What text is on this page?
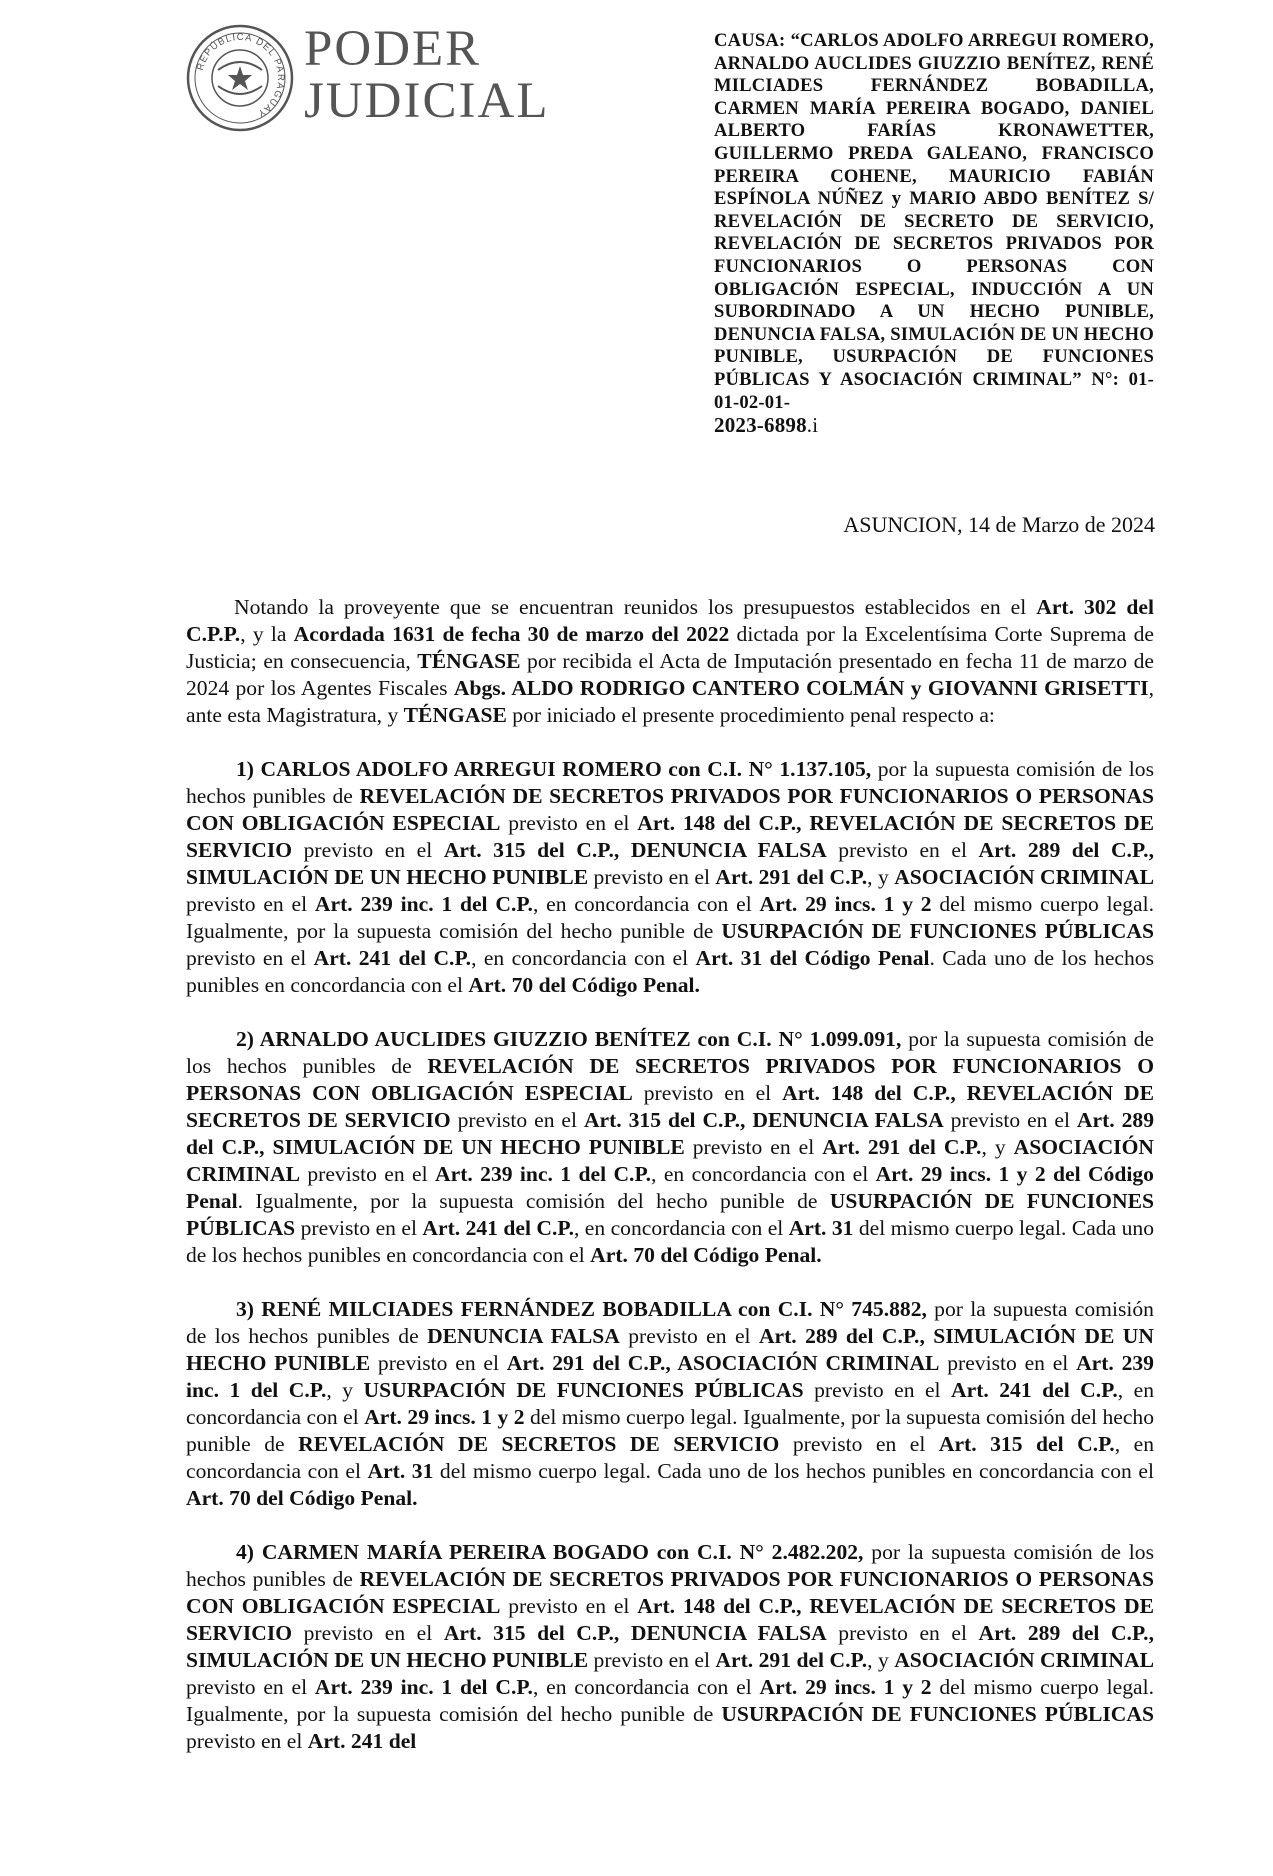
REPÚBLICA DEL PARAGUAY
PODER
JUDICIAL
CAUSA: “CARLOS ADOLFO ARREGUI ROMERO, ARNALDO AUCLIDES GIUZZIO BENÍTEZ, RENÉ MILCIADES FERNÁNDEZ BOBADILLA, CARMEN MARÍA PEREIRA BOGADO, DANIEL ALBERTO FARÍAS KRONAWETTER, GUILLERMO PREDA GALEANO, FRANCISCO PEREIRA COHENE, MAURICIO FABIÁN ESPÍNOLA NÚÑEZ y MARIO ABDO BENÍTEZ S/ REVELACIÓN DE SECRETO DE SERVICIO, REVELACIÓN DE SECRETOS PRIVADOS POR FUNCIONARIOS O PERSONAS CON OBLIGACIÓN ESPECIAL, INDUCCIÓN A UN SUBORDINADO A UN HECHO PUNIBLE, DENUNCIA FALSA, SIMULACIÓN DE UN HECHO PUNIBLE, USURPACIÓN DE FUNCIONES PÚBLICAS Y ASOCIACIÓN CRIMINAL” N°: 01-01-02-01-
2023-6898.i
ASUNCION, 14 de Marzo de 2024

Notando la proveyente que se encuentran reunidos los presupuestos establecidos en el Art. 302 del C.P.P., y la Acordada 1631 de fecha 30 de marzo del 2022 dictada por la Excelentísima Corte Suprema de Justicia; en consecuencia, TÉNGASE por recibida el Acta de Imputación presentado en fecha 11 de marzo de 2024 por los Agentes Fiscales Abgs. ALDO RODRIGO CANTERO COLMÁN y GIOVANNI GRISETTI, ante esta Magistratura, y TÉNGASE por iniciado el presente procedimiento penal respecto a:

1) CARLOS ADOLFO ARREGUI ROMERO con C.I. N° 1.137.105, por la supuesta comisión de los hechos punibles de REVELACIÓN DE SECRETOS PRIVADOS POR FUNCIONARIOS O PERSONAS CON OBLIGACIÓN ESPECIAL previsto en el Art. 148 del C.P., REVELACIÓN DE SECRETOS DE SERVICIO previsto en el Art. 315 del C.P., DENUNCIA FALSA previsto en el Art. 289 del C.P., SIMULACIÓN DE UN HECHO PUNIBLE previsto en el Art. 291 del C.P., y ASOCIACIÓN CRIMINAL previsto en el Art. 239 inc. 1 del C.P., en concordancia con el Art. 29 incs. 1 y 2 del mismo cuerpo legal. Igualmente, por la supuesta comisión del hecho punible de USURPACIÓN DE FUNCIONES PÚBLICAS previsto en el Art. 241 del C.P., en concordancia con el Art. 31 del Código Penal. Cada uno de los hechos punibles en concordancia con el Art. 70 del Código Penal.

2) ARNALDO AUCLIDES GIUZZIO BENÍTEZ con C.I. N° 1.099.091, por la supuesta comisión de los hechos punibles de REVELACIÓN DE SECRETOS PRIVADOS POR FUNCIONARIOS O PERSONAS CON OBLIGACIÓN ESPECIAL previsto en el Art. 148 del C.P., REVELACIÓN DE SECRETOS DE SERVICIO previsto en el Art. 315 del C.P., DENUNCIA FALSA previsto en el Art. 289 del C.P., SIMULACIÓN DE UN HECHO PUNIBLE previsto en el Art. 291 del C.P., y ASOCIACIÓN CRIMINAL previsto en el Art. 239 inc. 1 del C.P., en concordancia con el Art. 29 incs. 1 y 2 del Código Penal. Igualmente, por la supuesta comisión del hecho punible de USURPACIÓN DE FUNCIONES PÚBLICAS previsto en el Art. 241 del C.P., en concordancia con el Art. 31 del mismo cuerpo legal. Cada uno de los hechos punibles en concordancia con el Art. 70 del Código Penal.

3) RENÉ MILCIADES FERNÁNDEZ BOBADILLA con C.I. N° 745.882, por la supuesta comisión de los hechos punibles de DENUNCIA FALSA previsto en el Art. 289 del C.P., SIMULACIÓN DE UN HECHO PUNIBLE previsto en el Art. 291 del C.P., ASOCIACIÓN CRIMINAL previsto en el Art. 239 inc. 1 del C.P., y USURPACIÓN DE FUNCIONES PÚBLICAS previsto en el Art. 241 del C.P., en concordancia con el Art. 29 incs. 1 y 2 del mismo cuerpo legal. Igualmente, por la supuesta comisión del hecho punible de REVELACIÓN DE SECRETOS DE SERVICIO previsto en el Art. 315 del C.P., en concordancia con el Art. 31 del mismo cuerpo legal. Cada uno de los hechos punibles en concordancia con el Art. 70 del Código Penal.

4) CARMEN MARÍA PEREIRA BOGADO con C.I. N° 2.482.202, por la supuesta comisión de los hechos punibles de REVELACIÓN DE SECRETOS PRIVADOS POR FUNCIONARIOS O PERSONAS CON OBLIGACIÓN ESPECIAL previsto en el Art. 148 del C.P., REVELACIÓN DE SECRETOS DE SERVICIO previsto en el Art. 315 del C.P., DENUNCIA FALSA previsto en el Art. 289 del C.P., SIMULACIÓN DE UN HECHO PUNIBLE previsto en el Art. 291 del C.P., y ASOCIACIÓN CRIMINAL previsto en el Art. 239 inc. 1 del C.P., en concordancia con el Art. 29 incs. 1 y 2 del mismo cuerpo legal. Igualmente, por la supuesta comisión del hecho punible de USURPACIÓN DE FUNCIONES PÚBLICAS previsto en el Art. 241 del
